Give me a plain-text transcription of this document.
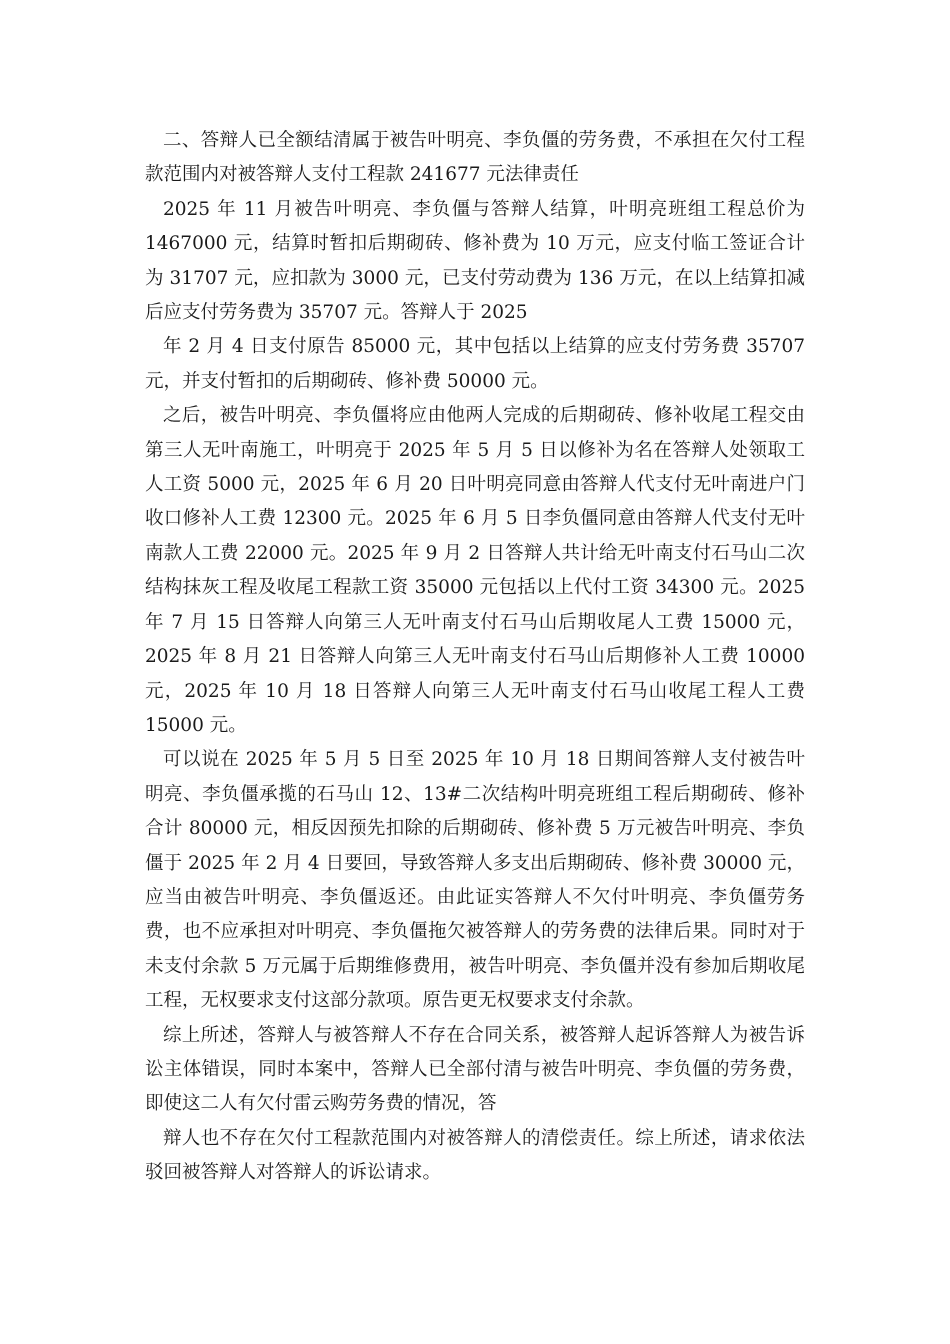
二、答辩人已全额结清属于被告叶明亮、李负僵的劳务费，不承担在欠付工程款范围内对被答辩人支付工程款 241677 元法律责任

2025 年 11 月被告叶明亮、李负僵与答辩人结算，叶明亮班组工程总价为 1467000 元，结算时暂扣后期砌砖、修补费为 10 万元，应支付临工签证合计为 31707 元，应扣款为 3000 元，已支付劳动费为 136 万元，在以上结算扣减后应支付劳务费为 35707 元。答辩人于 2025

年 2 月 4 日支付原告 85000 元，其中包括以上结算的应支付劳务费 35707 元，并支付暂扣的后期砌砖、修补费 50000 元。

之后，被告叶明亮、李负僵将应由他两人完成的后期砌砖、修补收尾工程交由第三人无叶南施工，叶明亮于 2025 年 5 月 5 日以修补为名在答辩人处领取工人工资 5000 元，2025 年 6 月 20 日叶明亮同意由答辩人代支付无叶南进户门收口修补人工费 12300 元。2025 年 6 月 5 日李负僵同意由答辩人代支付无叶南款人工费 22000 元。2025 年 9 月 2 日答辩人共计给无叶南支付石马山二次结构抹灰工程及收尾工程款工资 35000 元包括以上代付工资 34300 元。2025 年 7 月 15 日答辩人向第三人无叶南支付石马山后期收尾人工费 15000 元，2025 年 8 月 21 日答辩人向第三人无叶南支付石马山后期修补人工费 10000 元，2025 年 10 月 18 日答辩人向第三人无叶南支付石马山收尾工程人工费 15000 元。

可以说在 2025 年 5 月 5 日至 2025 年 10 月 18 日期间答辩人支付被告叶明亮、李负僵承揽的石马山 12、13#二次结构叶明亮班组工程后期砌砖、修补合计 80000 元，相反因预先扣除的后期砌砖、修补费 5 万元被告叶明亮、李负僵于 2025 年 2 月 4 日要回，导致答辩人多支出后期砌砖、修补费 30000 元，应当由被告叶明亮、李负僵返还。由此证实答辩人不欠付叶明亮、李负僵劳务费，也不应承担对叶明亮、李负僵拖欠被答辩人的劳务费的法律后果。同时对于未支付余款 5 万元属于后期维修费用，被告叶明亮、李负僵并没有参加后期收尾工程，无权要求支付这部分款项。原告更无权要求支付余款。

综上所述，答辩人与被答辩人不存在合同关系，被答辩人起诉答辩人为被告诉讼主体错误，同时本案中，答辩人已全部付清与被告叶明亮、李负僵的劳务费，即使这二人有欠付雷云购劳务费的情况，答

辩人也不存在欠付工程款范围内对被答辩人的清偿责任。综上所述，请求依法驳回被答辩人对答辩人的诉讼请求。
